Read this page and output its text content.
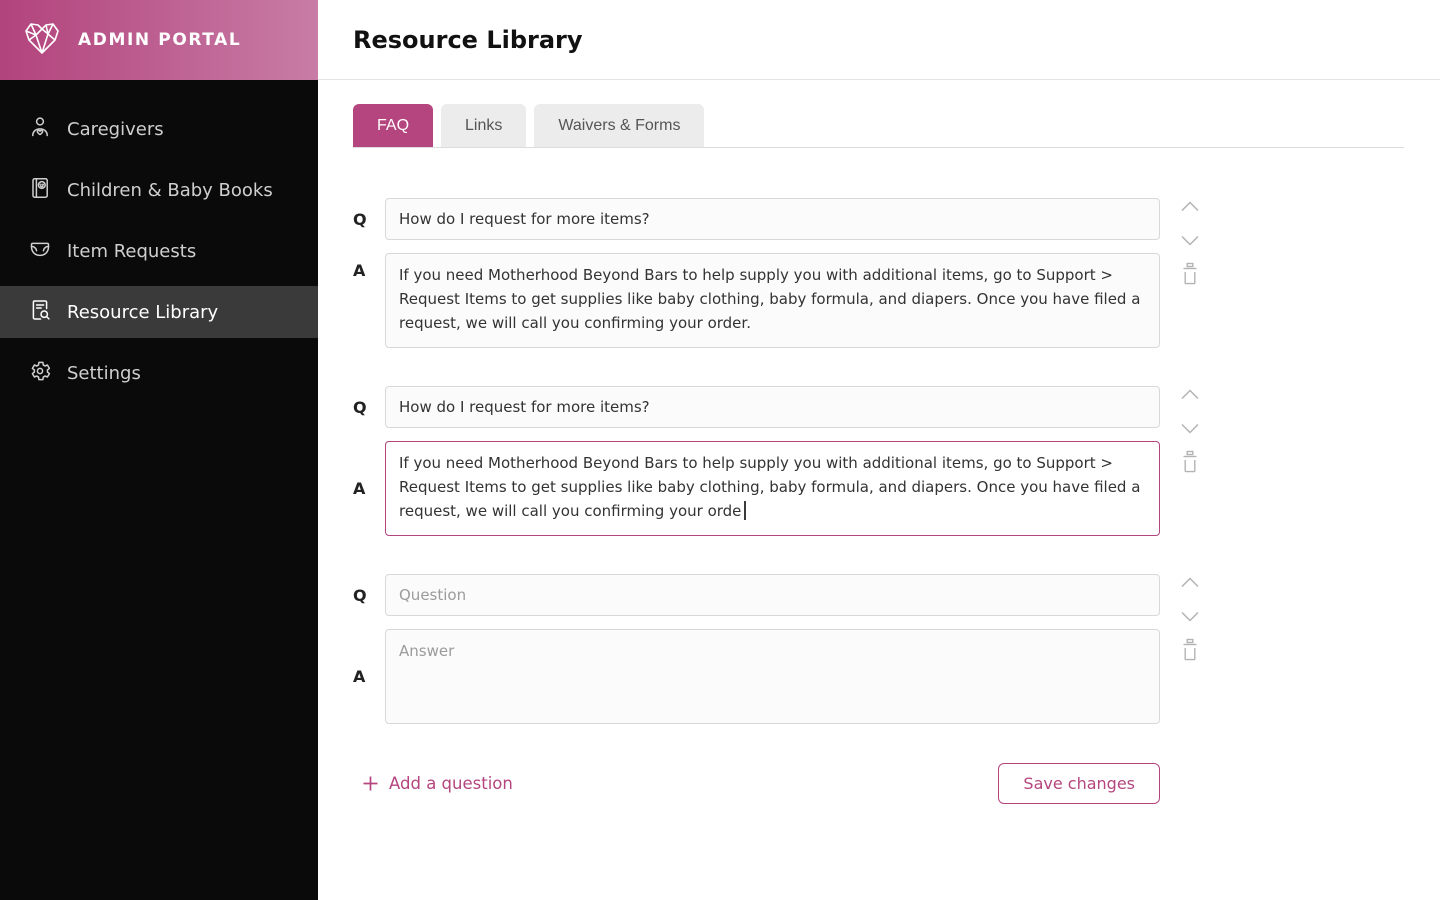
ADMIN PORTAL
Caregivers
Children & Baby Books
Item Requests
Resource Library
Settings
Resource Library
FAQ	Links	Waivers & Forms
Q
How do I request for more items?
A
If you need Motherhood Beyond Bars to help supply you with additional items, go to Support > Request Items to get supplies like baby clothing, baby formula, and diapers. Once you have filed a request, we will call you confirming your order.
Q
How do I request for more items?
A
If you need Motherhood Beyond Bars to help supply you with additional items, go to Support > Request Items to get supplies like baby clothing, baby formula, and diapers. Once you have filed a request, we will call you confirming your orde
Q
Question
A
Answer
Add a question	Save changes
